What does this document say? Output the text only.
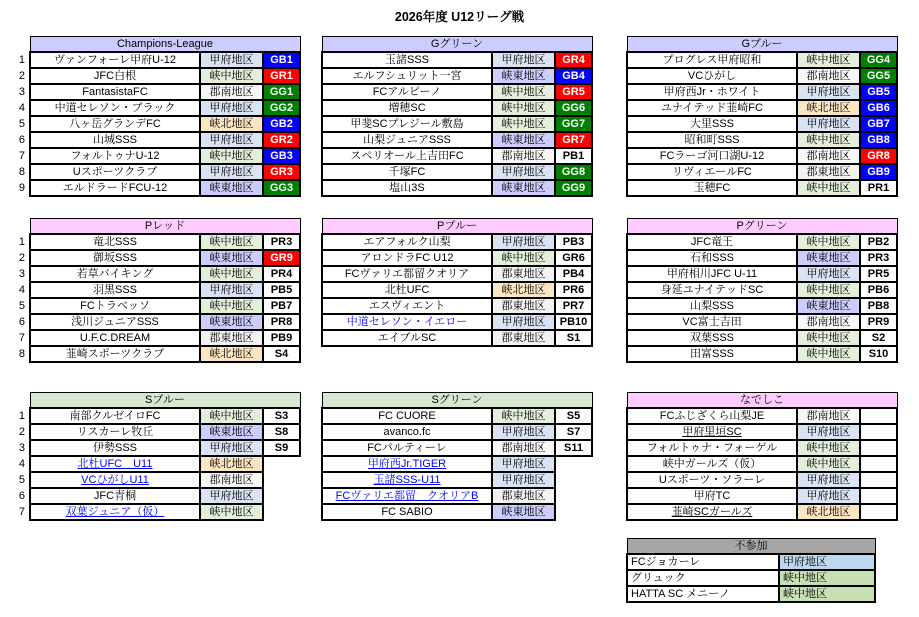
2026年度 U12リーグ戦
	Champions-League		
1	ヴァンフォーレ甲府U-12	甲府地区	GB1
2	JFC白根	峡中地区	GR1
3	FantasistaFC	郡南地区	GG1
4	中道セレソン・ブラック	甲府地区	GG2
5	八ヶ岳グランデFC	峡北地区	GB2
6	山城SSS	甲府地区	GR2
7	フォルトゥナU-12	峡中地区	GB3
8	Uスポーツクラブ	甲府地区	GR3
9	エルドラードFCU-12	峡東地区	GG3
	Gグリーン		
	玉諸SSS	甲府地区	GR4
	エルフシュリット一宮	峡東地区	GB4
	FCアルピーノ	峡中地区	GR5
	増穂SC	峡中地区	GG6
	甲斐SCプレジール敷島	峡中地区	GG7
	山梨ジュニアSSS	峡東地区	GR7
	スペリオール上吉田FC	郡南地区	PB1
	千塚FC	甲府地区	GG8
	塩山3S	峡東地区	GG9
	Gブルー		
	プログレス甲府昭和	峡中地区	GG4
	VCひがし	郡南地区	GG5
	甲府西Jr・ホワイト	甲府地区	GB5
	ユナイテッド韮崎FC	峡北地区	GB6
	大里SSS	甲府地区	GB7
	昭和町SSS	峡中地区	GB8
	FCラーゴ河口湖U-12	郡南地区	GR8
	リヴィエールFC	郡東地区	GB9
	玉穂FC	峡中地区	PR1
	Pレッド		
1	竜北SSS	峡中地区	PR3
2	御坂SSS	峡東地区	GR9
3	若草バイキング	峡中地区	PR4
4	羽黒SSS	甲府地区	PB5
5	FCトラベッソ	峡中地区	PB7
6	浅川ジュニアSSS	峡東地区	PR8
7	U.F.C.DREAM	郡東地区	PB9
8	韮崎スポーツクラブ	峡北地区	S4
	Pブルー		
	エアフォルク山梨	甲府地区	PB3
	アロンドラFC U12	峡中地区	GR6
	FCヴァリエ都留クオリア	郡東地区	PB4
	北杜UFC	峡北地区	PR6
	エスヴィエント	郡東地区	PR7
	中道セレソン・イエロー	甲府地区	PB10
	エイブルSC	郡東地区	S1
	Pグリーン		
	JFC竜王	峡中地区	PB2
	石和SSS	峡東地区	PR3
	甲府相川JFC U-11	甲府地区	PR5
	身延ユナイテッドSC	峡中地区	PB6
	山梨SSS	峡東地区	PB8
	VC富士吉田	郡南地区	PR9
	双葉SSS	峡中地区	S2
	田富SSS	峡中地区	S10
	Sブルー		
1	南部クルゼイロFC	峡中地区	S3
2	リスカーレ牧丘	峡東地区	S8
3	伊勢SSS	甲府地区	S9
4	北杜UFC　U11	峡北地区	
5	VCひがしU11	郡南地区	
6	JFC青桐	甲府地区	
7	双葉ジュニア（仮）	峡中地区	
	Sグリーン		
	FC CUORE	峡中地区	S5
	avanco.fc	甲府地区	S7
	FCパルティーレ	郡南地区	S11
	甲府西Jr.TIGER	甲府地区	
	玉諸SSS-U11	甲府地区	
	FCヴァリエ都留　クオリアB	郡東地区	
	FC SABIO	峡東地区	
	なでしこ		
	FCふじざくら山梨JE	郡南地区	
	甲府里垣SC	甲府地区	
	フォルトゥナ・フォーゲル	峡中地区	
	峡中ガールズ（仮）	峡中地区	
	Uスポーツ・ソラーレ	甲府地区	
	甲府TC	甲府地区	
	韮崎SCガールズ	峡北地区	
	不参加	
	FCジョカーレ	甲府地区
	グリュック	峡中地区
	HATTA SC メニーノ	峡中地区
